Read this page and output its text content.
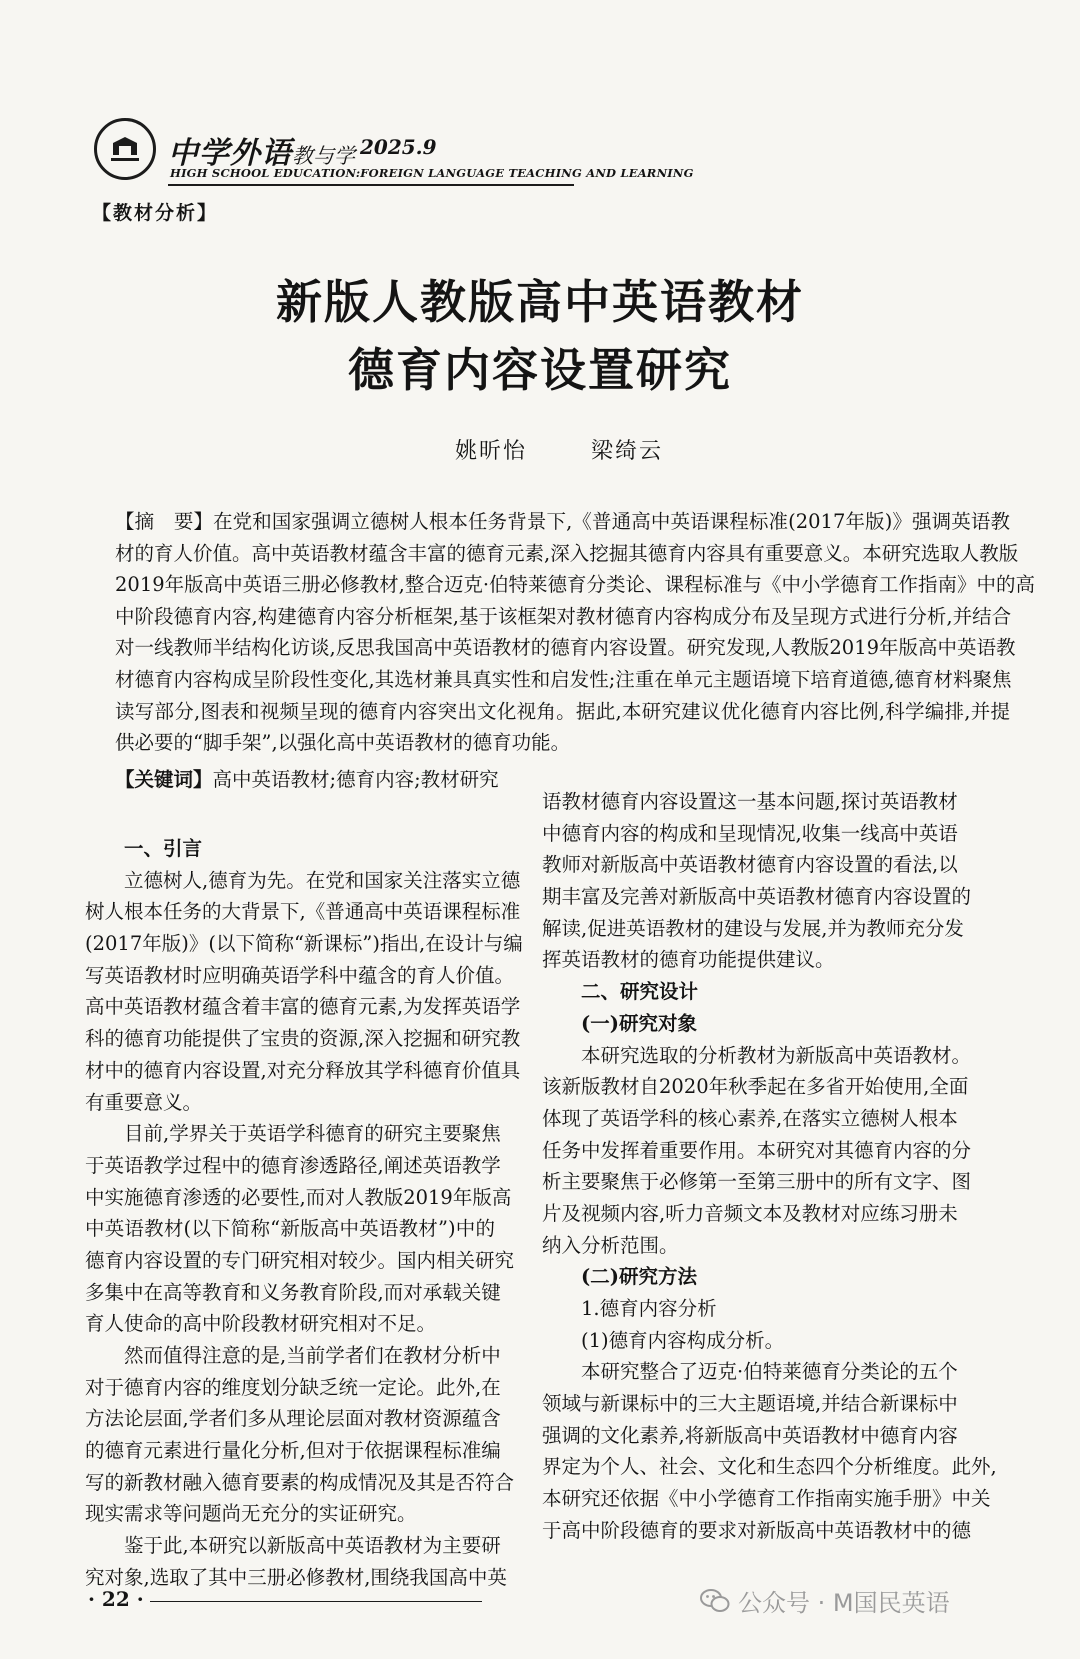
中学外语教与学 2025.9
HIGH SCHOOL EDUCATION:FOREIGN LANGUAGE TEACHING AND LEARNING
【教材分析】
新版人教版高中英语教材
德育内容设置研究
姚昕怡	梁绮云
【摘　要】在党和国家强调立德树人根本任务背景下,《普通高中英语课程标准(2017年版)》强调英语教
材的育人价值。高中英语教材蕴含丰富的德育元素,深入挖掘其德育内容具有重要意义。本研究选取人教版
2019年版高中英语三册必修教材,整合迈克·伯特莱德育分类论、课程标准与《中小学德育工作指南》中的高
中阶段德育内容,构建德育内容分析框架,基于该框架对教材德育内容构成分布及呈现方式进行分析,并结合
对一线教师半结构化访谈,反思我国高中英语教材的德育内容设置。研究发现,人教版2019年版高中英语教
材德育内容构成呈阶段性变化,其选材兼具真实性和启发性;注重在单元主题语境下培育道德,德育材料聚焦
读写部分,图表和视频呈现的德育内容突出文化视角。据此,本研究建议优化德育内容比例,科学编排,并提
供必要的“脚手架”,以强化高中英语教材的德育功能。
【关键词】高中英语教材;德育内容;教材研究
一、引言
立德树人,德育为先。在党和国家关注落实立德
树人根本任务的大背景下,《普通高中英语课程标准
(2017年版)》(以下简称“新课标”)指出,在设计与编
写英语教材时应明确英语学科中蕴含的育人价值。
高中英语教材蕴含着丰富的德育元素,为发挥英语学
科的德育功能提供了宝贵的资源,深入挖掘和研究教
材中的德育内容设置,对充分释放其学科德育价值具
有重要意义。
目前,学界关于英语学科德育的研究主要聚焦
于英语教学过程中的德育渗透路径,阐述英语教学
中实施德育渗透的必要性,而对人教版2019年版高
中英语教材(以下简称“新版高中英语教材”)中的
德育内容设置的专门研究相对较少。国内相关研究
多集中在高等教育和义务教育阶段,而对承载关键
育人使命的高中阶段教材研究相对不足。
然而值得注意的是,当前学者们在教材分析中
对于德育内容的维度划分缺乏统一定论。此外,在
方法论层面,学者们多从理论层面对教材资源蕴含
的德育元素进行量化分析,但对于依据课程标准编
写的新教材融入德育要素的构成情况及其是否符合
现实需求等问题尚无充分的实证研究。
鉴于此,本研究以新版高中英语教材为主要研
究对象,选取了其中三册必修教材,围绕我国高中英
语教材德育内容设置这一基本问题,探讨英语教材
中德育内容的构成和呈现情况,收集一线高中英语
教师对新版高中英语教材德育内容设置的看法,以
期丰富及完善对新版高中英语教材德育内容设置的
解读,促进英语教材的建设与发展,并为教师充分发
挥英语教材的德育功能提供建议。
二、研究设计
(一)研究对象
本研究选取的分析教材为新版高中英语教材。
该新版教材自2020年秋季起在多省开始使用,全面
体现了英语学科的核心素养,在落实立德树人根本
任务中发挥着重要作用。本研究对其德育内容的分
析主要聚焦于必修第一至第三册中的所有文字、图
片及视频内容,听力音频文本及教材对应练习册未
纳入分析范围。
(二)研究方法
1.德育内容分析
(1)德育内容构成分析。
本研究整合了迈克·伯特莱德育分类论的五个
领域与新课标中的三大主题语境,并结合新课标中
强调的文化素养,将新版高中英语教材中德育内容
界定为个人、社会、文化和生态四个分析维度。此外,
本研究还依据《中小学德育工作指南实施手册》中关
于高中阶段德育的要求对新版高中英语教材中的德
· 22 ·	公众号 · M国民英语
